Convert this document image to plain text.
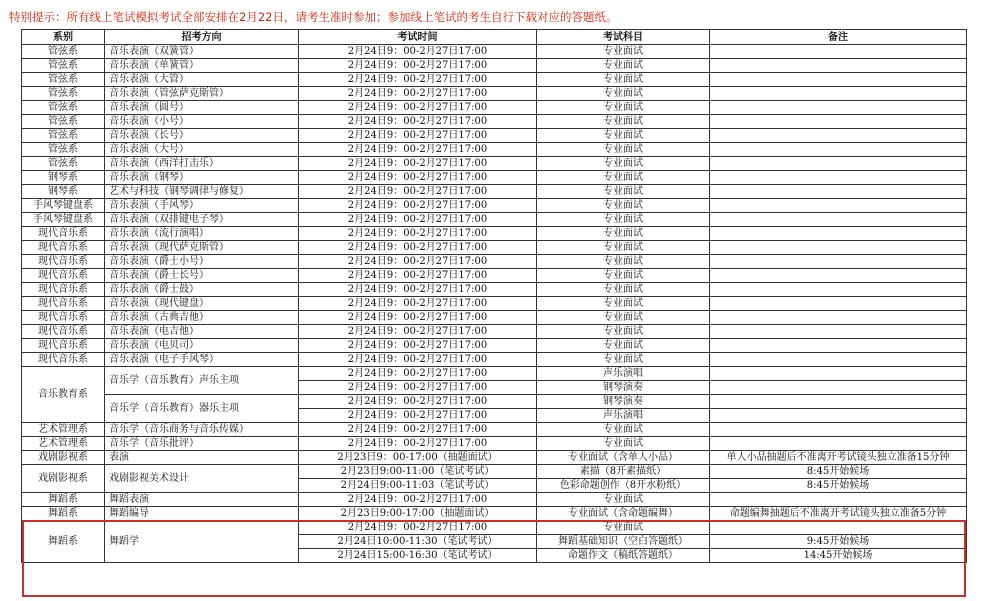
特别提示：所有线上笔试模拟考试全部安排在2月22日，请考生准时参加；参加线上笔试的考生自行下载对应的答题纸。
系别	招考方向	考试时间	考试科目	备注
管弦系	音乐表演（双簧管）	2月24日9：00-2月27日17:00	专业面试	
管弦系	音乐表演（单簧管）	2月24日9：00-2月27日17:00	专业面试	
管弦系	音乐表演（大管）	2月24日9：00-2月27日17:00	专业面试	
管弦系	音乐表演（管弦萨克斯管）	2月24日9：00-2月27日17:00	专业面试	
管弦系	音乐表演（圆号）	2月24日9：00-2月27日17:00	专业面试	
管弦系	音乐表演（小号）	2月24日9：00-2月27日17:00	专业面试	
管弦系	音乐表演（长号）	2月24日9：00-2月27日17:00	专业面试	
管弦系	音乐表演（大号）	2月24日9：00-2月27日17:00	专业面试	
管弦系	音乐表演（西洋打击乐）	2月24日9：00-2月27日17:00	专业面试	
钢琴系	音乐表演（钢琴）	2月24日9：00-2月27日17:00	专业面试	
钢琴系	艺术与科技（钢琴调律与修复）	2月24日9：00-2月27日17:00	专业面试	
手风琴键盘系	音乐表演（手风琴）	2月24日9：00-2月27日17:00	专业面试	
手风琴键盘系	音乐表演（双排键电子琴）	2月24日9：00-2月27日17:00	专业面试	
现代音乐系	音乐表演（流行演唱）	2月24日9：00-2月27日17:00	专业面试	
现代音乐系	音乐表演（现代萨克斯管）	2月24日9：00-2月27日17:00	专业面试	
现代音乐系	音乐表演（爵士小号）	2月24日9：00-2月27日17:00	专业面试	
现代音乐系	音乐表演（爵士长号）	2月24日9：00-2月27日17:00	专业面试	
现代音乐系	音乐表演（爵士鼓）	2月24日9：00-2月27日17:00	专业面试	
现代音乐系	音乐表演（现代键盘）	2月24日9：00-2月27日17:00	专业面试	
现代音乐系	音乐表演（古典吉他）	2月24日9：00-2月27日17:00	专业面试	
现代音乐系	音乐表演（电吉他）	2月24日9：00-2月27日17:00	专业面试	
现代音乐系	音乐表演（电贝司）	2月24日9：00-2月27日17:00	专业面试	
现代音乐系	音乐表演（电子手风琴）	2月24日9：00-2月27日17:00	专业面试	
音乐教育系	音乐学（音乐教育）声乐主项	2月24日9：00-2月27日17:00	声乐演唱	
		2月24日9：00-2月27日17:00	钢琴演奏	
	音乐学（音乐教育）器乐主项	2月24日9：00-2月27日17:00	钢琴演奏	
		2月24日9：00-2月27日17:00	声乐演唱	
艺术管理系	音乐学（音乐商务与音乐传媒）	2月24日9：00-2月27日17:00	专业面试	
艺术管理系	音乐学（音乐批评）	2月24日9：00-2月27日17:00	专业面试	
戏剧影视系	表演	2月23日9：00-17:00（抽题面试）	专业面试（含单人小品）	单人小品抽题后不准离开考试镜头独立准备15分钟
戏剧影视系	戏剧影视美术设计	2月23日9:00-11:00（笔试考试）	素描（8开素描纸）	8:45开始候场
		2月24日9:00-11:03（笔试考试）	色彩命题创作（8开水粉纸）	8:45开始候场
舞蹈系	舞蹈表演	2月24日9：00-2月27日17:00	专业面试	
舞蹈系	舞蹈编导	2月23日9:00-17:00（抽题面试）	专业面试（含命题编舞）	命题编舞抽题后不准离开考试镜头独立准备5分钟
舞蹈系	舞蹈学	2月24日9：00-2月27日17:00	专业面试	
		2月24日10:00-11:30（笔试考试）	舞蹈基础知识（空白答题纸）	9:45开始候场
		2月24日15:00-16:30（笔试考试）	命题作文（稿纸答题纸）	14:45开始候场
